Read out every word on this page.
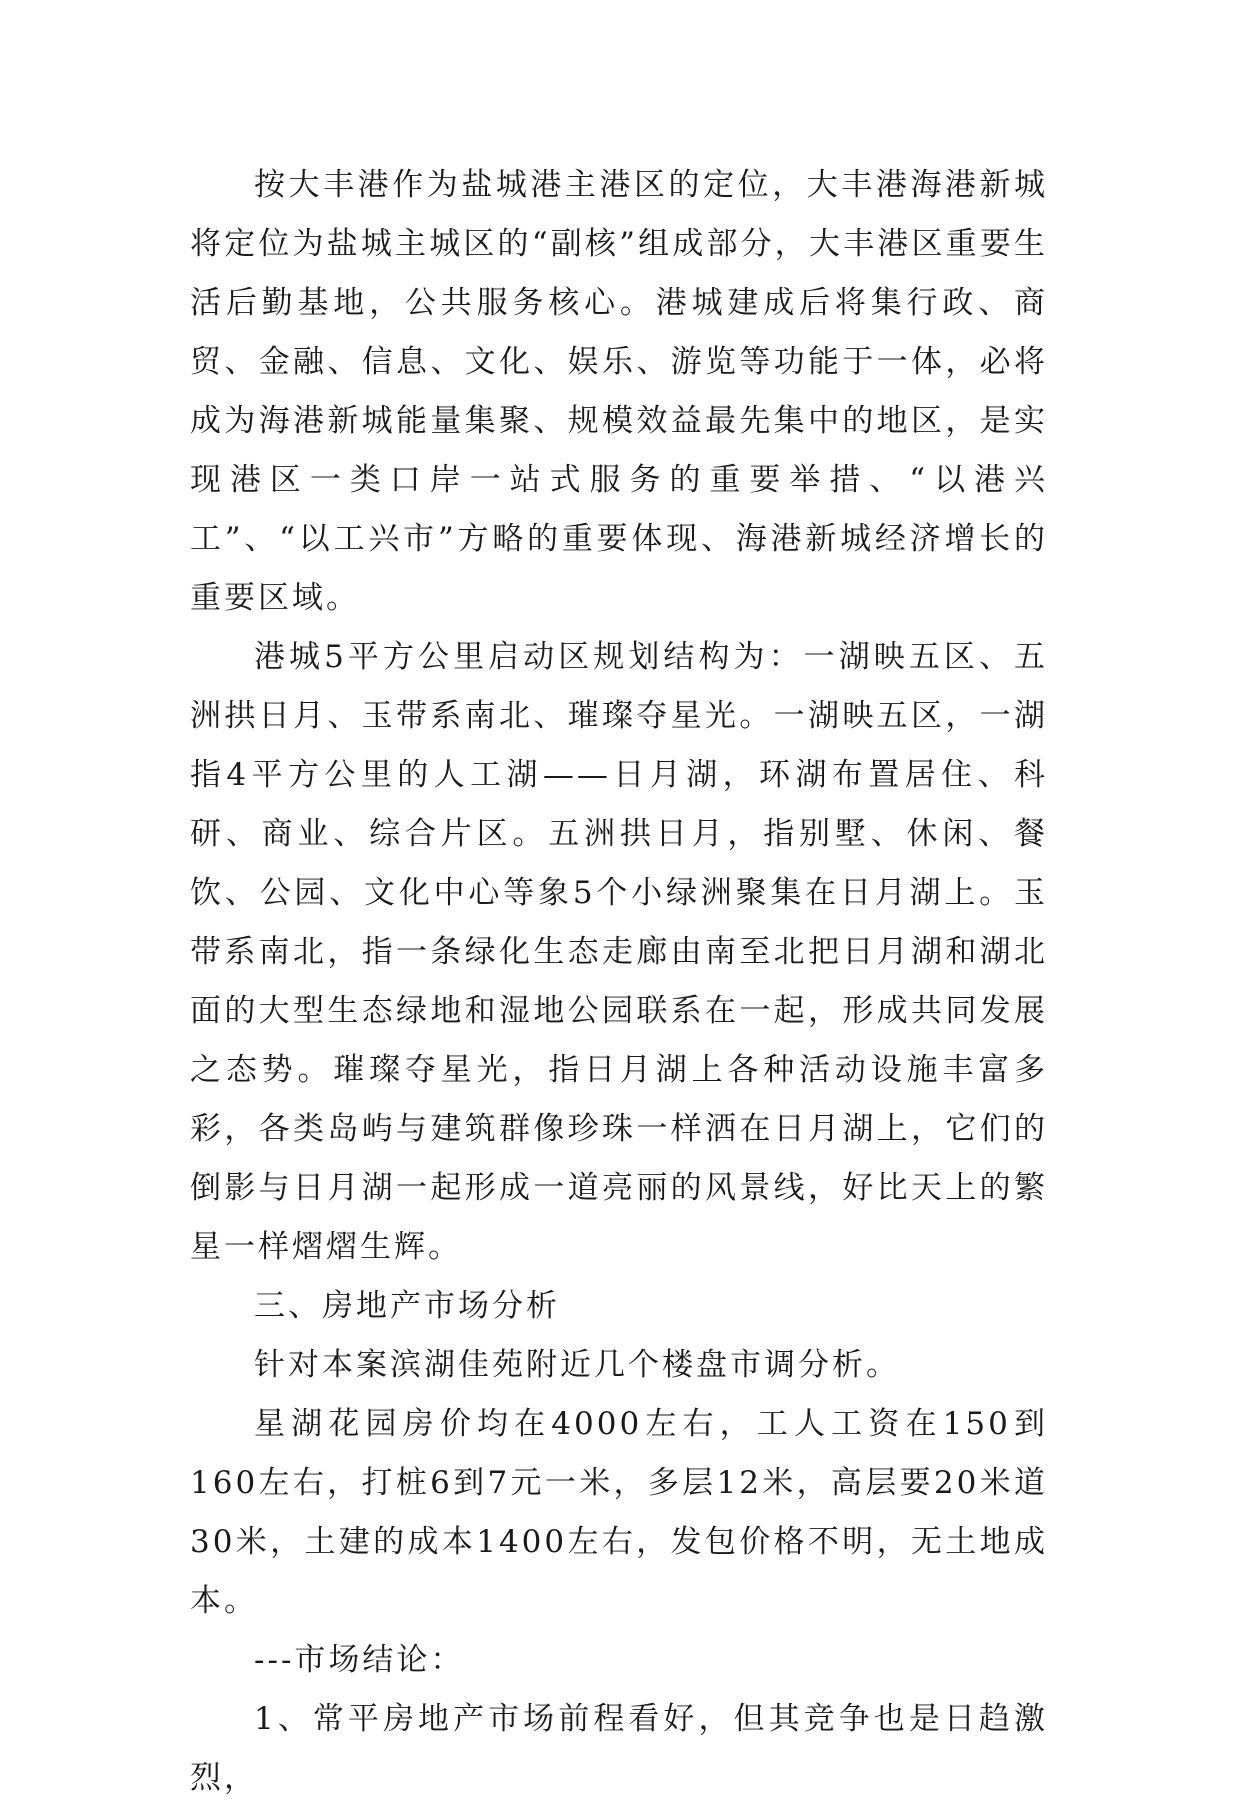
按大丰港作为盐城港主港区的定位，大丰港海港新城将定位为盐城主城区的“副核”组成部分，大丰港区重要生活后勤基地，公共服务核心。港城建成后将集行政、商贸、金融、信息、文化、娱乐、游览等功能于一体，必将成为海港新城能量集聚、规模效益最先集中的地区，是实现港区一类口岸一站式服务的重要举措、“以港兴工”、“以工兴市”方略的重要体现、海港新城经济增长的重要区域。

港城5平方公里启动区规划结构为：一湖映五区、五洲拱日月、玉带系南北、璀璨夺星光。一湖映五区，一湖指4平方公里的人工湖——日月湖，环湖布置居住、科研、商业、综合片区。五洲拱日月，指别墅、休闲、餐饮、公园、文化中心等象5个小绿洲聚集在日月湖上。玉带系南北，指一条绿化生态走廊由南至北把日月湖和湖北面的大型生态绿地和湿地公园联系在一起，形成共同发展之态势。璀璨夺星光，指日月湖上各种活动设施丰富多彩，各类岛屿与建筑群像珍珠一样洒在日月湖上，它们的倒影与日月湖一起形成一道亮丽的风景线，好比天上的繁星一样熠熠生辉。

三、房地产市场分析

针对本案滨湖佳苑附近几个楼盘市调分析。

星湖花园房价均在4000左右，工人工资在150到160左右，打桩6到7元一米，多层12米，高层要20米道30米，土建的成本1400左右，发包价格不明，无土地成本。

---市场结论：

1、常平房地产市场前程看好，但其竞争也是日趋激烈，
